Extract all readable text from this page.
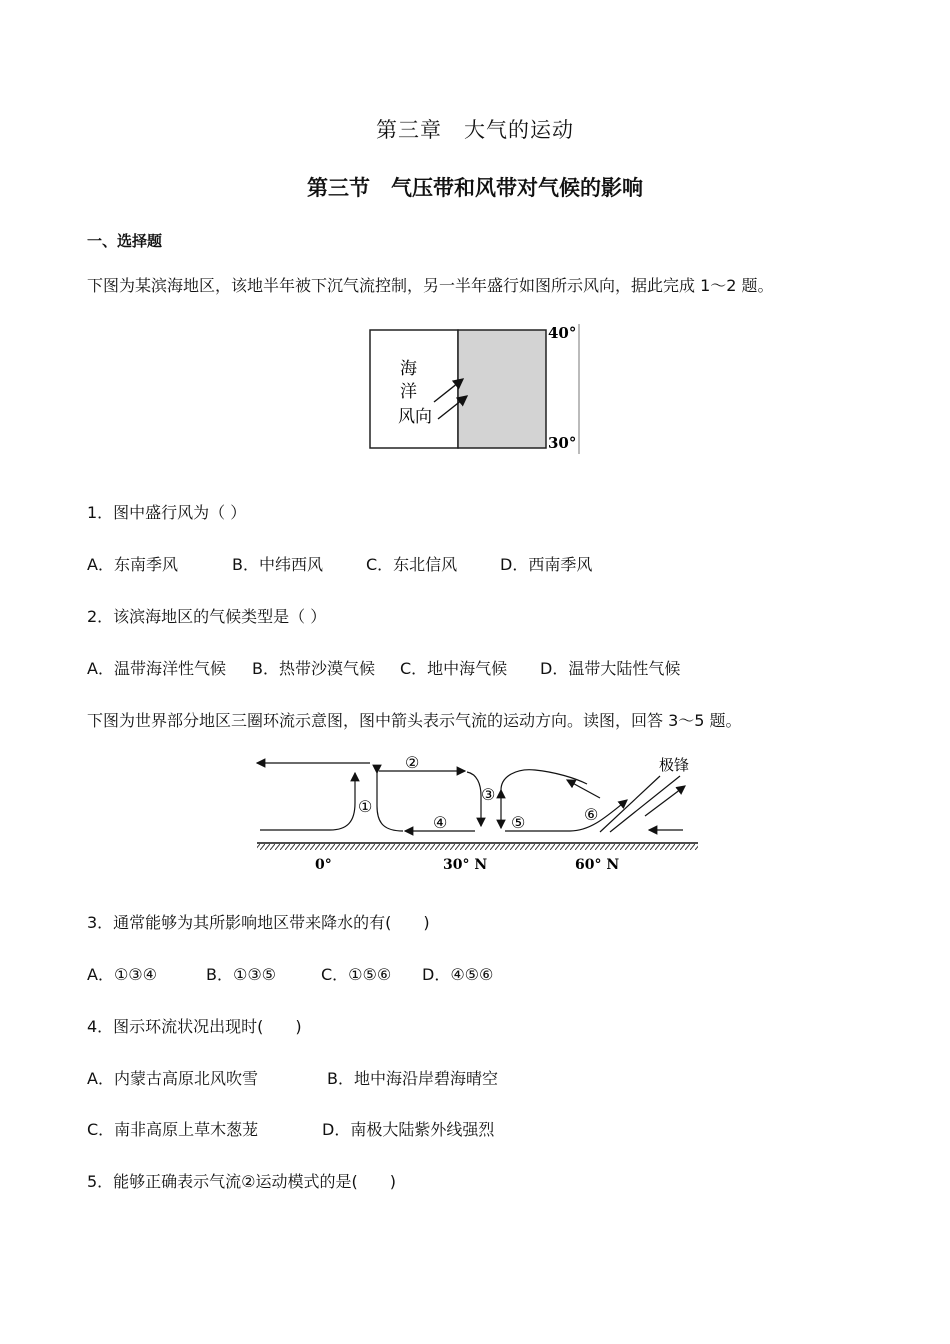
第三章　大气的运动
第三节　气压带和风带对气候的影响
一、选择题
下图为某滨海地区，该地半年被下沉气流控制，另一半年盛行如图所示风向，据此完成 1～2 题。
海
洋
风向
40°
30°
1．图中盛行风为（ ）
A．东南季风	B．中纬西风	C．东北信风	D．西南季风
2．该滨海地区的气候类型是（ ）
A．温带海洋性气候 B．热带沙漠气候 C．地中海气候 D．温带大陆性气候
下图为世界部分地区三圈环流示意图，图中箭头表示气流的运动方向。读图，回答 3～5 题。
极锋
①
②
③
④	⑤	⑥
0°	30° N	60° N
3．通常能够为其所影响地区带来降水的有(　　)
A．①③④	B．①③⑤	C．①⑤⑥ D．④⑤⑥
4．图示环流状况出现时(　　)
A．内蒙古高原北风吹雪	B．地中海沿岸碧海晴空
C．南非高原上草木葱茏	D．南极大陆紫外线强烈
5．能够正确表示气流②运动模式的是(　　)
